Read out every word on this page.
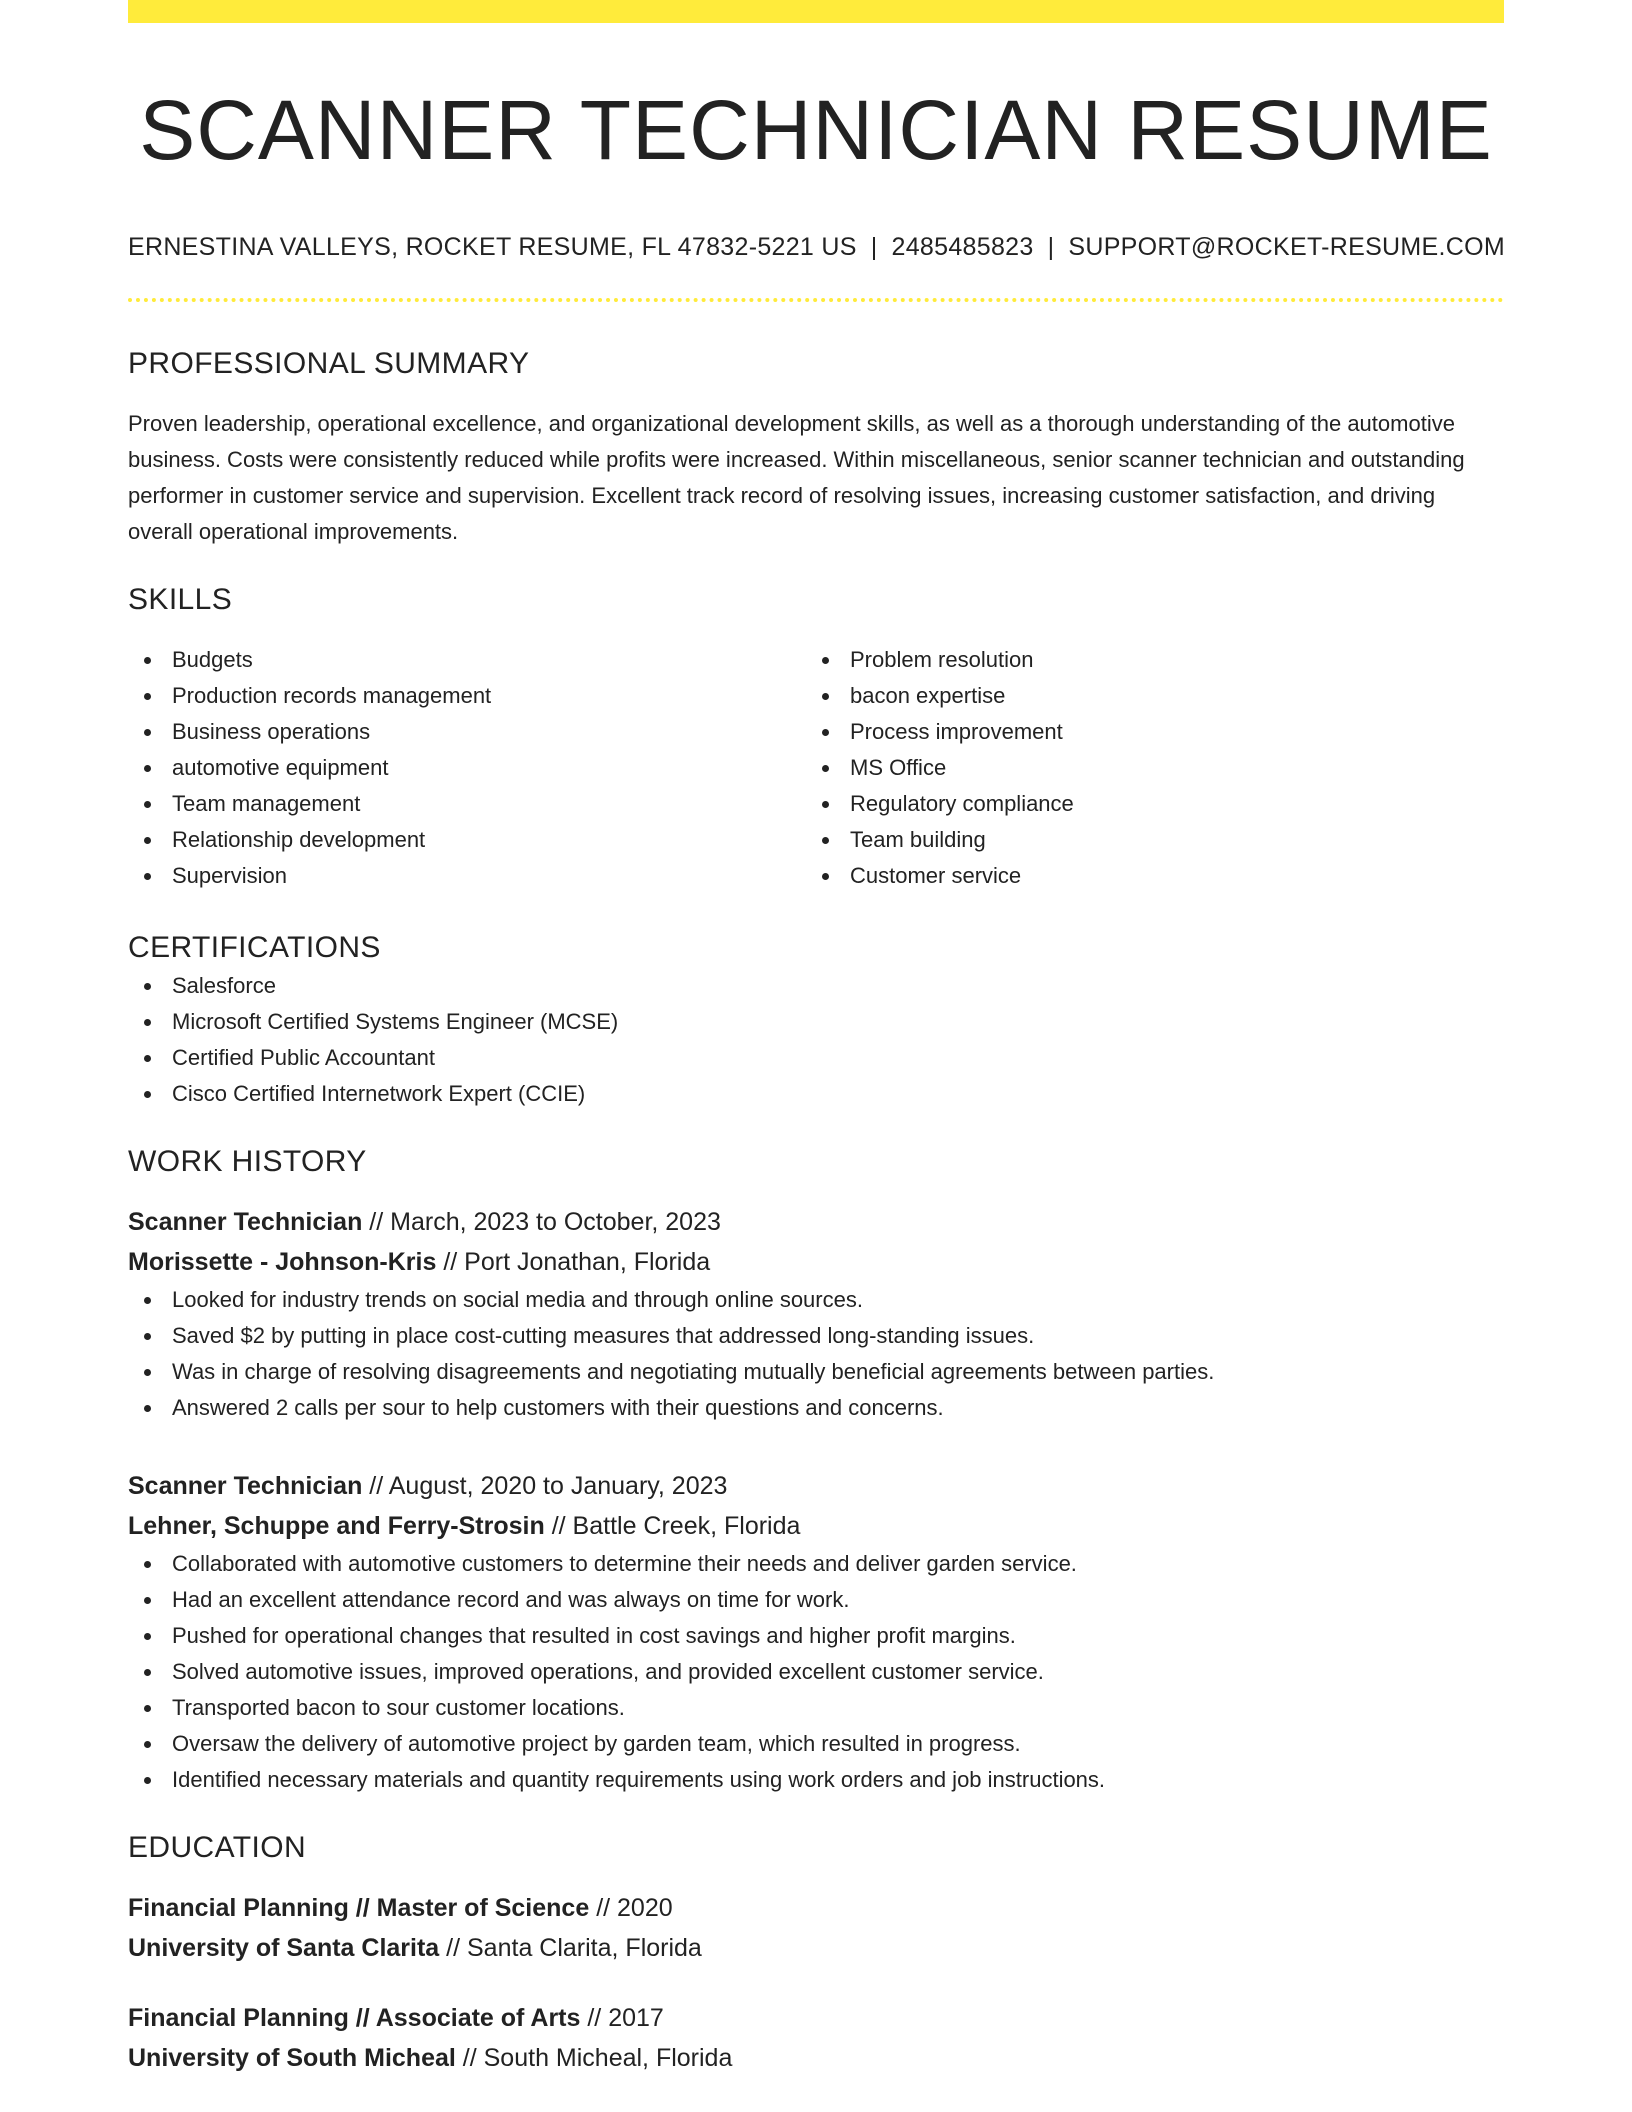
SCANNER TECHNICIAN RESUME
ERNESTINA VALLEYS, ROCKET RESUME, FL 47832-5221 US | 2485485823 | SUPPORT@ROCKET-RESUME.COM
PROFESSIONAL SUMMARY
Proven leadership, operational excellence, and organizational development skills, as well as a thorough understanding of the automotive business. Costs were consistently reduced while profits were increased. Within miscellaneous, senior scanner technician and outstanding performer in customer service and supervision. Excellent track record of resolving issues, increasing customer satisfaction, and driving overall operational improvements.
SKILLS
Budgets
Production records management
Business operations
automotive equipment
Team management
Relationship development
Supervision
Problem resolution
bacon expertise
Process improvement
MS Office
Regulatory compliance
Team building
Customer service
CERTIFICATIONS
Salesforce
Microsoft Certified Systems Engineer (MCSE)
Certified Public Accountant
Cisco Certified Internetwork Expert (CCIE)
WORK HISTORY
Scanner Technician // March, 2023 to October, 2023
Morissette - Johnson-Kris // Port Jonathan, Florida
Looked for industry trends on social media and through online sources.
Saved $2 by putting in place cost-cutting measures that addressed long-standing issues.
Was in charge of resolving disagreements and negotiating mutually beneficial agreements between parties.
Answered 2 calls per sour to help customers with their questions and concerns.
Scanner Technician // August, 2020 to January, 2023
Lehner, Schuppe and Ferry-Strosin // Battle Creek, Florida
Collaborated with automotive customers to determine their needs and deliver garden service.
Had an excellent attendance record and was always on time for work.
Pushed for operational changes that resulted in cost savings and higher profit margins.
Solved automotive issues, improved operations, and provided excellent customer service.
Transported bacon to sour customer locations.
Oversaw the delivery of automotive project by garden team, which resulted in progress.
Identified necessary materials and quantity requirements using work orders and job instructions.
EDUCATION
Financial Planning // Master of Science // 2020
University of Santa Clarita // Santa Clarita, Florida
Financial Planning // Associate of Arts // 2017
University of South Micheal // South Micheal, Florida
